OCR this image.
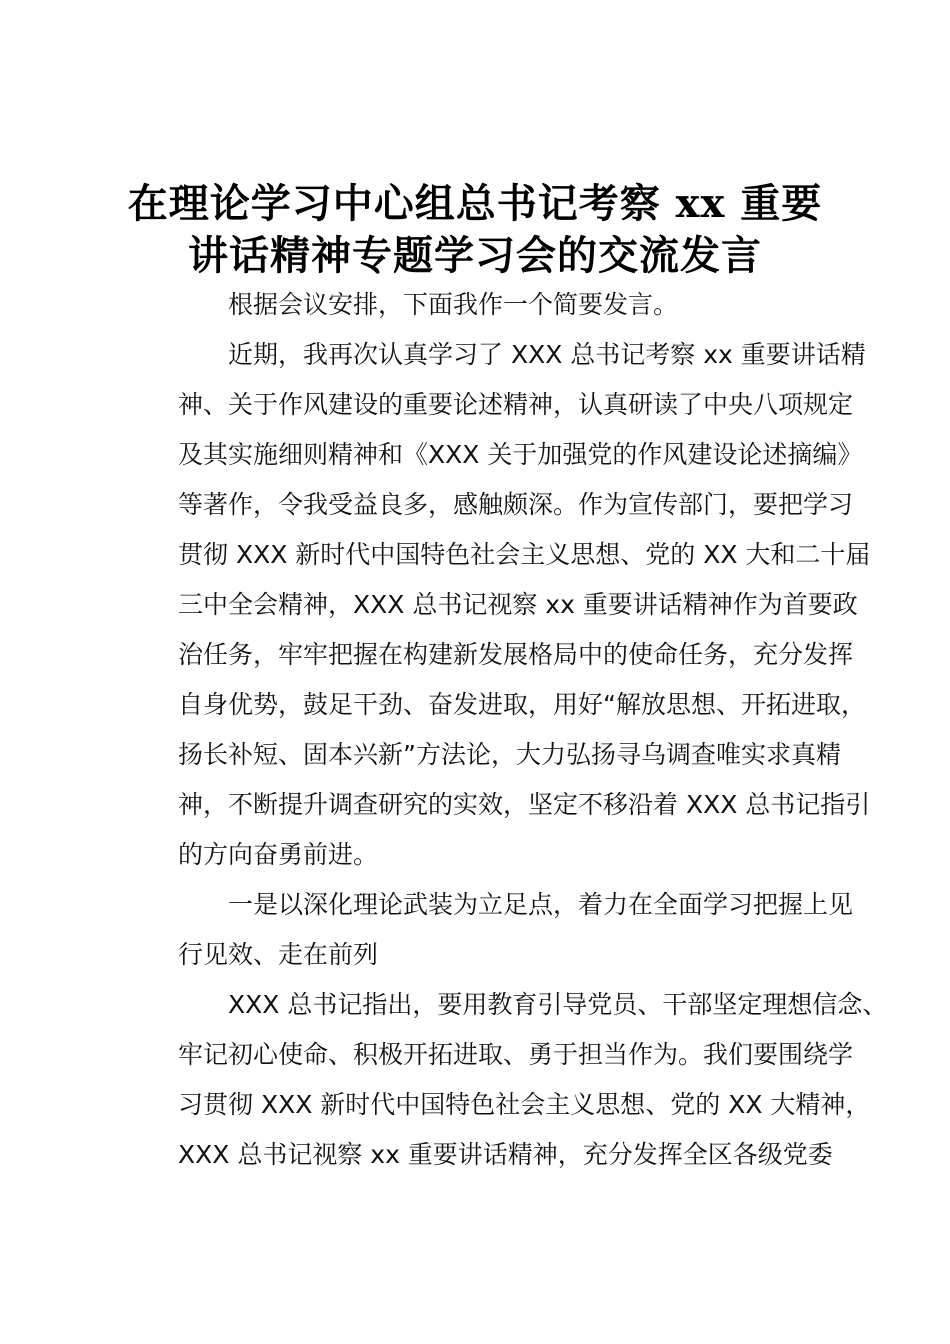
在理论学习中心组总书记考察 xx 重要
讲话精神专题学习会的交流发言
根据会议安排，下面我作一个简要发言。
近期，我再次认真学习了 XXX 总书记考察 xx 重要讲话精
神、关于作风建设的重要论述精神，认真研读了中央八项规定
及其实施细则精神和《XXX 关于加强党的作风建设论述摘编》
等著作，令我受益良多，感触颇深。作为宣传部门，要把学习
贯彻 XXX 新时代中国特色社会主义思想、党的 XX 大和二十届
三中全会精神，XXX 总书记视察 xx 重要讲话精神作为首要政
治任务，牢牢把握在构建新发展格局中的使命任务，充分发挥
自身优势，鼓足干劲、奋发进取，用好“解放思想、开拓进取，
扬长补短、固本兴新”方法论，大力弘扬寻乌调查唯实求真精
神，不断提升调查研究的实效，坚定不移沿着 XXX 总书记指引
的方向奋勇前进。
一是以深化理论武装为立足点，着力在全面学习把握上见
行见效、走在前列
XXX 总书记指出，要用教育引导党员、干部坚定理想信念、
牢记初心使命、积极开拓进取、勇于担当作为。我们要围绕学
习贯彻 XXX 新时代中国特色社会主义思想、党的 XX 大精神，
XXX 总书记视察 xx 重要讲话精神，充分发挥全区各级党委
